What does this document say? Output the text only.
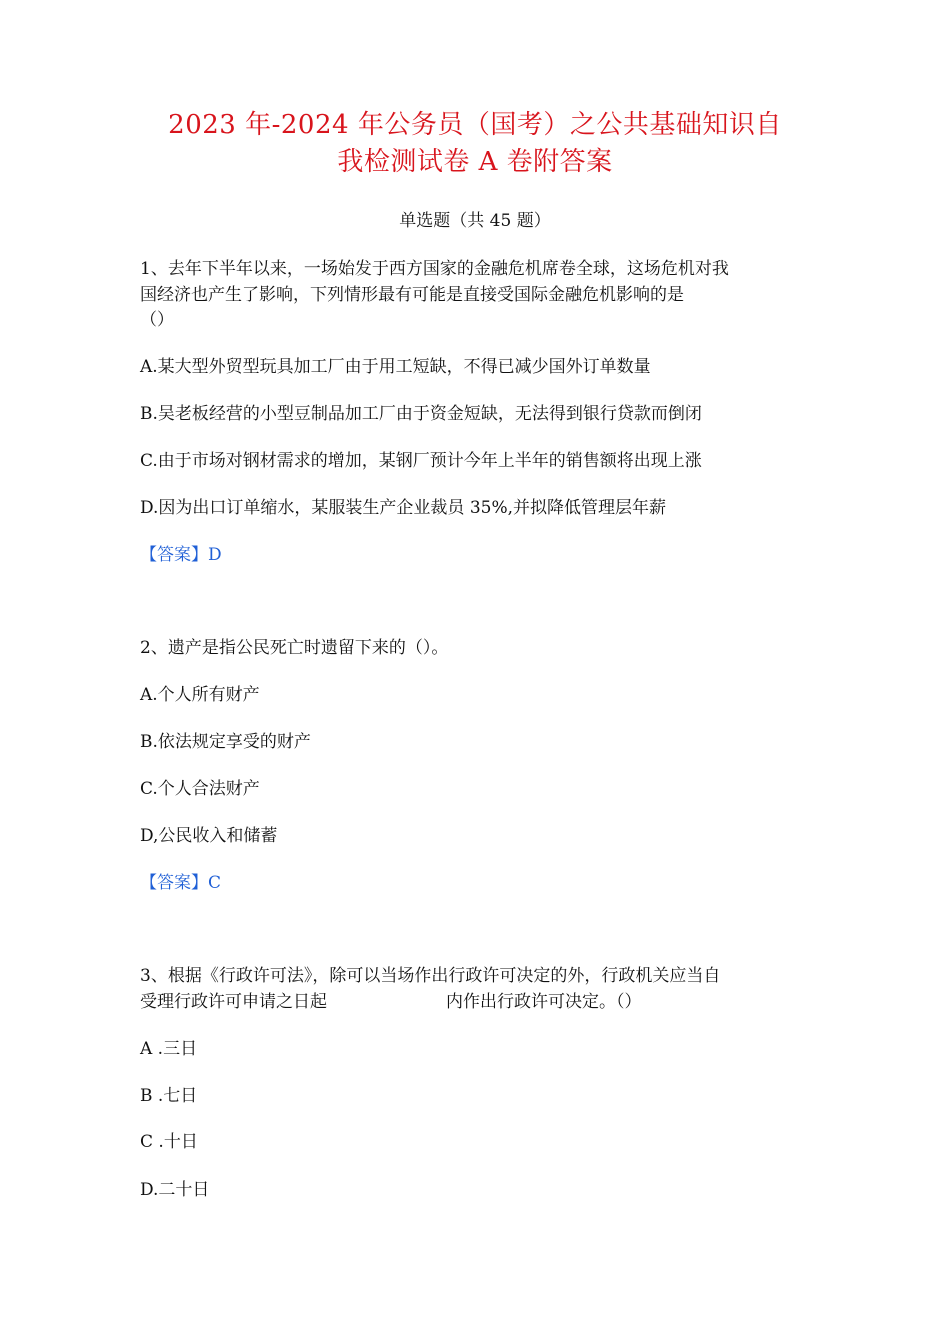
2023 年-2024 年公务员（国考）之公共基础知识自
我检测试卷 A 卷附答案
单选题（共 45 题）
1、去年下半年以来，一场始发于西方国家的金融危机席卷全球，这场危机对我
国经济也产生了影响，下列情形最有可能是直接受国际金融危机影响的是
（）
A.某大型外贸型玩具加工厂由于用工短缺，不得已减少国外订单数量
B.吴老板经营的小型豆制品加工厂由于资金短缺，无法得到银行贷款而倒闭
C.由于市场对钢材需求的增加，某钢厂预计今年上半年的销售额将出现上涨
D.因为出口订单缩水，某服装生产企业裁员 35%,并拟降低管理层年薪
【答案】D
2、遗产是指公民死亡时遗留下来的（）。
A.个人所有财产
B.依法规定享受的财产
C.个人合法财产
D,公民收入和储蓄
【答案】C
3、根据《行政许可法》，除可以当场作出行政许可决定的外，行政机关应当自
受理行政许可申请之日起　　　　　　　内作出行政许可决定。（）
A .三日
B .七日
C .十日
D.二十日
